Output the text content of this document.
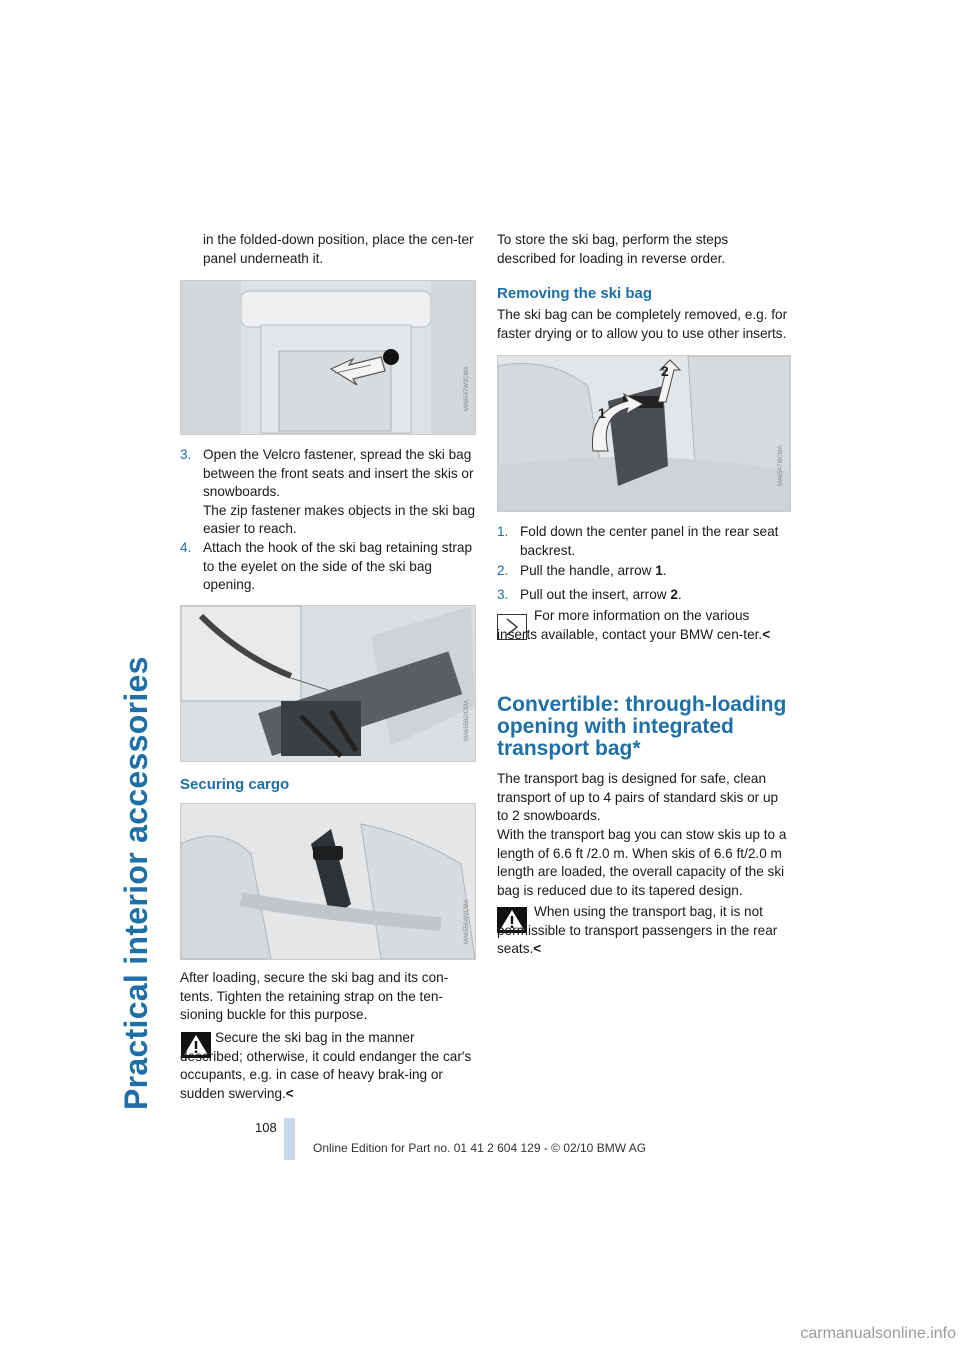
Practical interior accessories

in the folded-down position, place the cen-ter panel underneath it.

MA6547W3CMA
3. Open the Velcro fastener, spread the ski bag between the front seats and insert the skis or snowboards.
The zip fastener makes objects in the ski bag easier to reach.
4. Attach the hook of the ski bag retaining strap to the eyelet on the side of the ski bag opening.
MA6558ZICMA
Securing cargo
MA6556W9CMA

After loading, secure the ski bag and its con-tents. Tighten the retaining strap on the ten-sioning buckle for this purpose.

Secure the ski bag in the manner described; otherwise, it could endanger the car's occupants, e.g. in case of heavy brak-ing or sudden swerving.<

To store the ski bag, perform the steps described for loading in reverse order.

Removing the ski bag

The ski bag can be completely removed, e.g. for faster drying or to allow you to use other inserts.

1
2
MA6547I8CMA
1. Fold down the center panel in the rear seat backrest.
2. Pull the handle, arrow 1.
3. Pull out the insert, arrow 2.
For more information on the various inserts available, contact your BMW cen-ter.<
Convertible: through-loading opening with integrated transport bag*

The transport bag is designed for safe, clean transport of up to 4 pairs of standard skis or up to 2 snowboards.

With the transport bag you can stow skis up to a length of 6.6 ft /2.0 m. When skis of 6.6 ft/2.0 m length are loaded, the overall capacity of the ski bag is reduced due to its tapered design.

When using the transport bag, it is not permissible to transport passengers in the rear seats.<
108
Online Edition for Part no. 01 41 2 604 129 - © 02/10 BMW AG
carmanualsonline.info
